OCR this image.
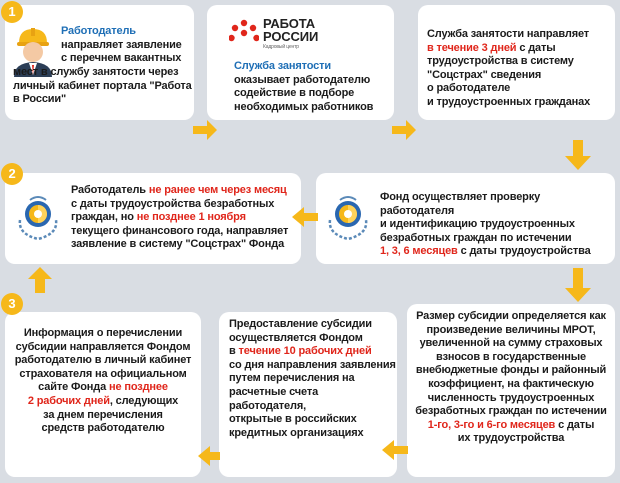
Работодатель
направляет заявление
с перечнем вакантных
мест в службу занятости через
личный кабинет портала "Работа
в России"
1
РАБОТА
РОССИИ
Кадровый центр
Служба занятости
оказывает работодателю
содействие в подборе
необходимых работников
Служба занятости направляет
в течение 3 дней с даты
трудоустройства в систему
"Соцстрах" сведения
о работодателе
и трудоустроенных гражданах
2
Работодатель не ранее чем через месяц
с даты трудоустройства безработных
граждан, но не позднее 1 ноября
текущего финансового года, направляет
заявление в систему "Соцстрах" Фонда
Фонд осуществляет проверку работодателя
и идентификацию трудоустроенных
безработных граждан по истечении
1, 3, 6 месяцев с даты трудоустройства
Информация о перечислении
субсидии направляется Фондом
работодателю в личный кабинет
страхователя на официальном
сайте Фонда не позднее
2 рабочих дней, следующих
за днем перечисления
средств работодателю
3
Предоставление субсидии
осуществляется Фондом
в течение 10 рабочих дней
со дня направления заявления
путем перечисления на
расчетные счета работодателя,
открытые в российских
кредитных организациях
Размер субсидии определяется как
произведение величины МРОТ,
увеличенной на сумму страховых
взносов в государственные
внебюджетные фонды и районный
коэффициент, на фактическую
численность трудоустроенных
безработных граждан по истечении
1-го, 3-го и 6-го месяцев с даты
их трудоустройства
